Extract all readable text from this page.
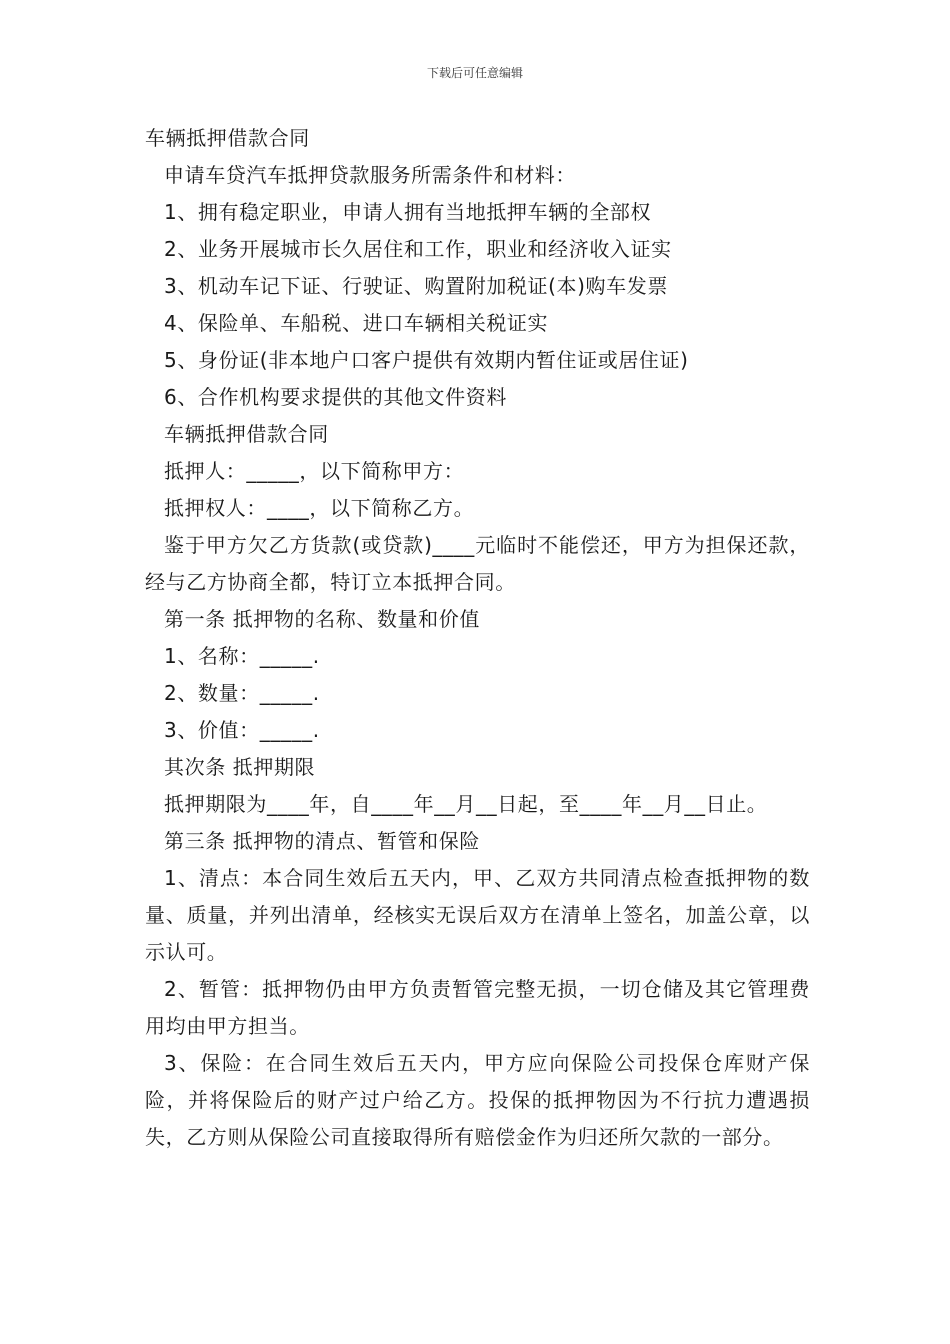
下载后可任意编辑

车辆抵押借款合同

申请车贷汽车抵押贷款服务所需条件和材料：

1、拥有稳定职业，申请人拥有当地抵押车辆的全部权

2、业务开展城市长久居住和工作，职业和经济收入证实

3、机动车记下证、行驶证、购置附加税证(本)购车发票

4、保险单、车船税、进口车辆相关税证实

5、身份证(非本地户口客户提供有效期内暂住证或居住证)

6、合作机构要求提供的其他文件资料

车辆抵押借款合同

抵押人：_____，以下简称甲方：

抵押权人：____，以下简称乙方。

鉴于甲方欠乙方货款(或贷款)____元临时不能偿还，甲方为担保还款，经与乙方协商全都，特订立本抵押合同。

第一条 抵押物的名称、数量和价值

1、名称：_____.

2、数量：_____.

3、价值：_____.

其次条 抵押期限

抵押期限为____年，自____年__月__日起，至____年__月__日止。

第三条 抵押物的清点、暂管和保险

1、清点：本合同生效后五天内，甲、乙双方共同清点检查抵押物的数量、质量，并列出清单，经核实无误后双方在清单上签名，加盖公章，以示认可。

2、暂管：抵押物仍由甲方负责暂管完整无损，一切仓储及其它管理费用均由甲方担当。

3、保险：在合同生效后五天内，甲方应向保险公司投保仓库财产保险，并将保险后的财产过户给乙方。投保的抵押物因为不行抗力遭遇损失，乙方则从保险公司直接取得所有赔偿金作为归还所欠款的一部分。
